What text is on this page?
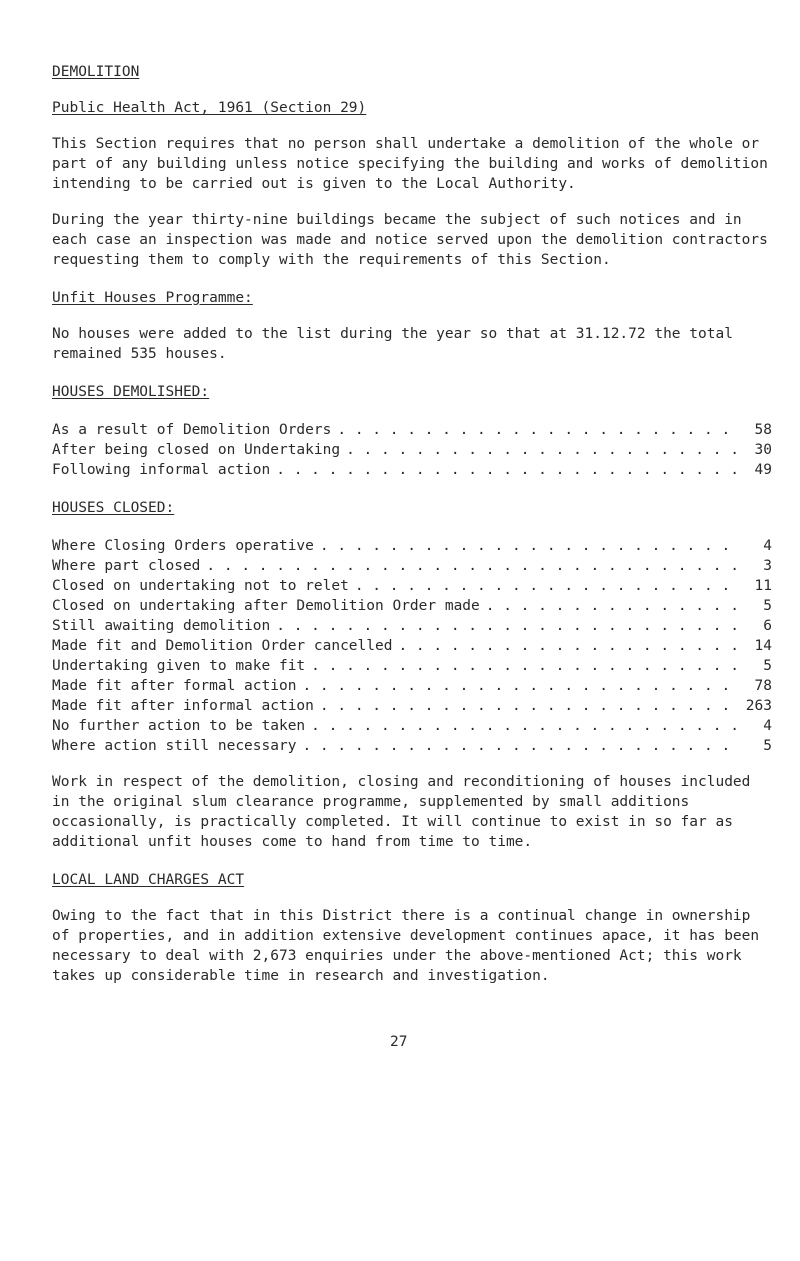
DEMOLITION

Public Health Act, 1961 (Section 29)

This Section requires that no person shall undertake a demolition of the whole or part of any building unless notice specifying the building and works of demolition intending to be carried out is given to the Local Authority.

During the year thirty-nine buildings became the subject of such notices and in each case an inspection was made and notice served upon the demolition contractors requesting them to comply with the requirements of this Section.

Unfit Houses Programme:

No houses were added to the list during the year so that at 31.12.72 the total remained 535 houses.

HOUSES DEMOLISHED:

As a result of Demolition Orders . . .	58
After being closed on Undertaking . . .	30
Following informal action . . .	49

HOUSES CLOSED:

Where Closing Orders operative . . .	4
Where part closed . . .	3
Closed on undertaking not to relet . . .	11
Closed on undertaking after Demolition Order made . . .	5
Still awaiting demolition . . .	6
Made fit and Demolition Order cancelled . . .	14
Undertaking given to make fit . . .	5
Made fit after formal action . . .	78
Made fit after informal action . . .	263
No further action to be taken . . .	4
Where action still necessary . . .	5

Work in respect of the demolition, closing and reconditioning of houses included in the original slum clearance programme, supplemented by small additions occasionally, is practically completed. It will continue to exist in so far as additional unfit houses come to hand from time to time.

LOCAL LAND CHARGES ACT

Owing to the fact that in this District there is a continual change in ownership of properties, and in addition extensive development continues apace, it has been necessary to deal with 2,673 enquiries under the above-mentioned Act; this work takes up considerable time in research and investigation.

27
